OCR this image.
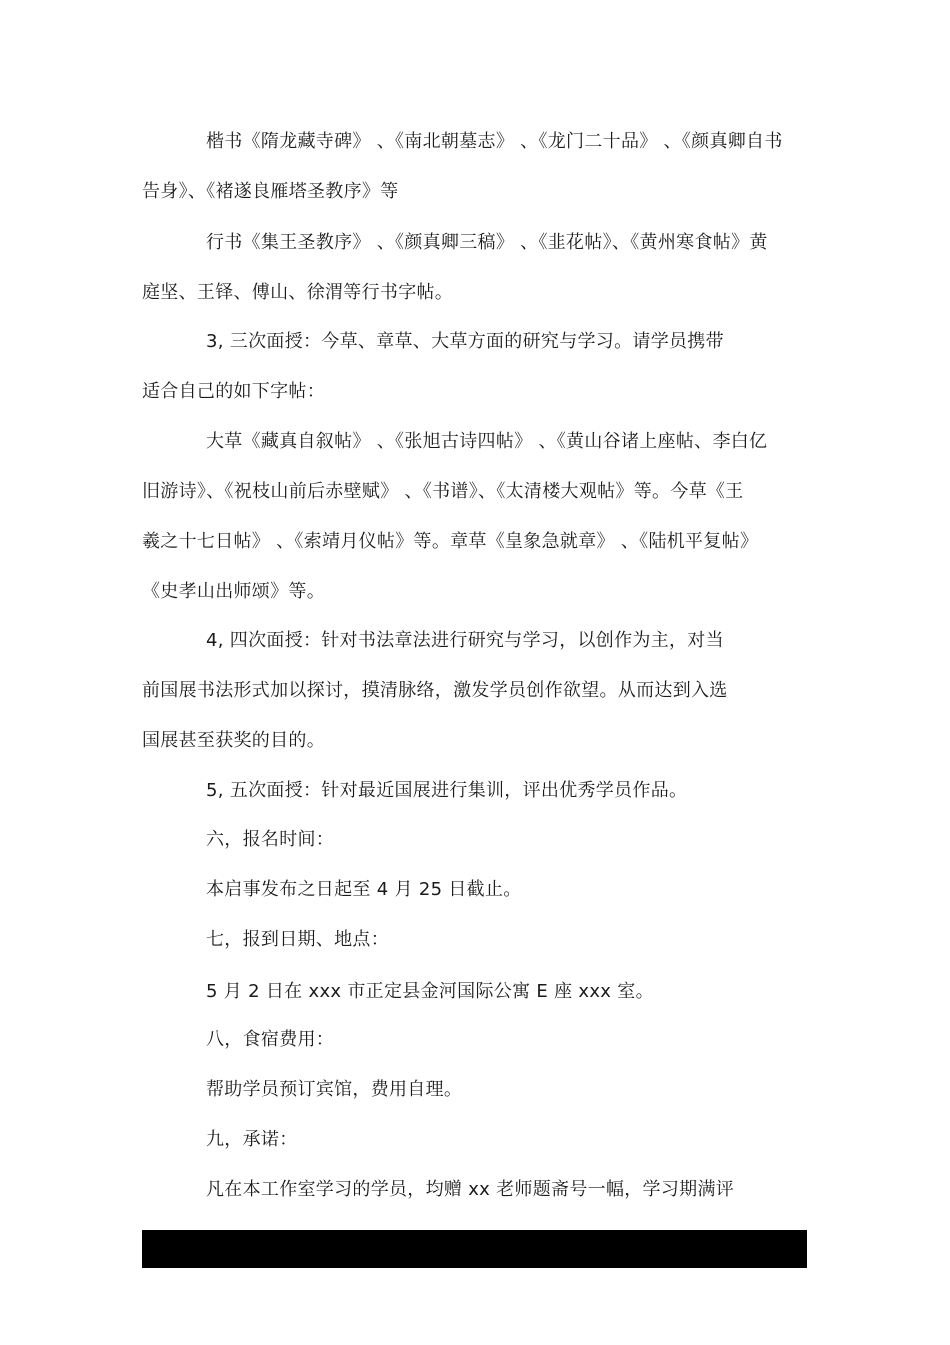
楷书《隋龙藏寺碑》 、《南北朝墓志》 、《龙门二十品》 、《颜真卿自书
告身》、《褚遂良雁塔圣教序》等
行书《集王圣教序》 、《颜真卿三稿》 、《韭花帖》、《黄州寒食帖》黄
庭坚、王铎、傅山、徐渭等行书字帖。
3, 三次面授：今草、章草、大草方面的研究与学习。请学员携带
适合自己的如下字帖：
大草《藏真自叙帖》 、《张旭古诗四帖》 、《黄山谷诸上座帖、李白亿
旧游诗》、《祝枝山前后赤壁赋》 、《书谱》、《太清楼大观帖》等。今草《王
羲之十七日帖》 、《索靖月仪帖》等。章草《皇象急就章》 、《陆机平复帖》
《史孝山出师颂》等。
4, 四次面授：针对书法章法进行研究与学习，以创作为主，对当
前国展书法形式加以探讨，摸清脉络，激发学员创作欲望。从而达到入选
国展甚至获奖的目的。
5, 五次面授：针对最近国展进行集训，评出优秀学员作品。
六，报名时间：
本启事发布之日起至 4 月 25 日截止。
七，报到日期、地点：
5 月 2 日在 xxx 市正定县金河国际公寓 E 座 xxx 室。
八，食宿费用：
帮助学员预订宾馆，费用自理。
九，承诺：
凡在本工作室学习的学员，均赠 xx 老师题斋号一幅，学习期满评
